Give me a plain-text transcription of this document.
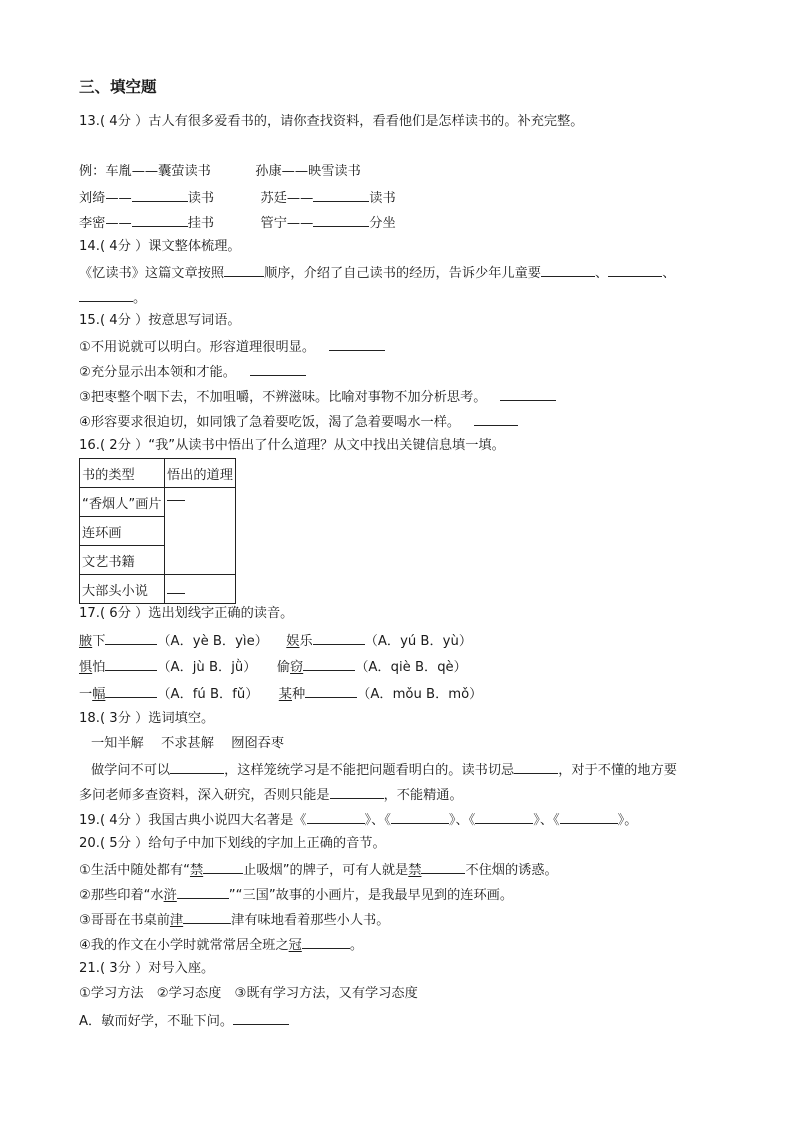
三、填空题
13.( 4分 ）古人有很多爱看书的，请你查找资料，看看他们是怎样读书的。补充完整。
例：车胤——囊萤读书	孙康——映雪读书
刘绮——	读书	苏廷——	读书
李密——	挂书	管宁——	分坐
14.( 4分 ）课文整体梳理。
《忆读书》这篇文章按照	顺序，介绍了自己读书的经历，告诉少年儿童要	、	、
。
15.( 4分 ）按意思写词语。
①不用说就可以明白。形容道理很明显。
②充分显示出本领和才能。
③把枣整个咽下去，不加咀嚼，不辨滋味。比喻对事物不加分析思考。
④形容要求很迫切，如同饿了急着要吃饭，渴了急着要喝水一样。
16.( 2分 ）“我”从读书中悟出了什么道理？从文中找出关键信息填一填。
书的类型	悟出的道理
“香烟人”画片	
连环画	
文艺书籍	
大部头小说	
17.( 6分 ）选出划线字正确的读音。
腋下	（A．yè B．yìe） 娱乐	（A．yú B．yù）
惧怕	（A．jù B．jǜ） 偷窃	（A．qiè B．qè）
一幅	（A．fú B．fǔ） 某种	（A．mǒu B．mǒ）
18.( 3分 ）选词填空。
一知半解　 不求甚解　 囫囵吞枣
做学问不可以	，这样笼统学习是不能把问题看明白的。读书切忌	，对于不懂的地方要
多问老师多查资料，深入研究，否则只能是	，不能精通。
19.( 4分 ）我国古典小说四大名著是《	》、《	》、《	》、《	》。
20.( 5分 ）给句子中加下划线的字加上正确的音节。
①生活中随处都有“禁	止吸烟”的牌子，可有人就是禁	不住烟的诱惑。
②那些印着“水浒	”“三国”故事的小画片，是我最早见到的连环画。
③哥哥在书桌前津	津有味地看着那些小人书。
④我的作文在小学时就常常居全班之冠	。
21.( 3分 ）对号入座。
①学习方法　②学习态度　③既有学习方法，又有学习态度
A．敏而好学，不耻下问。
